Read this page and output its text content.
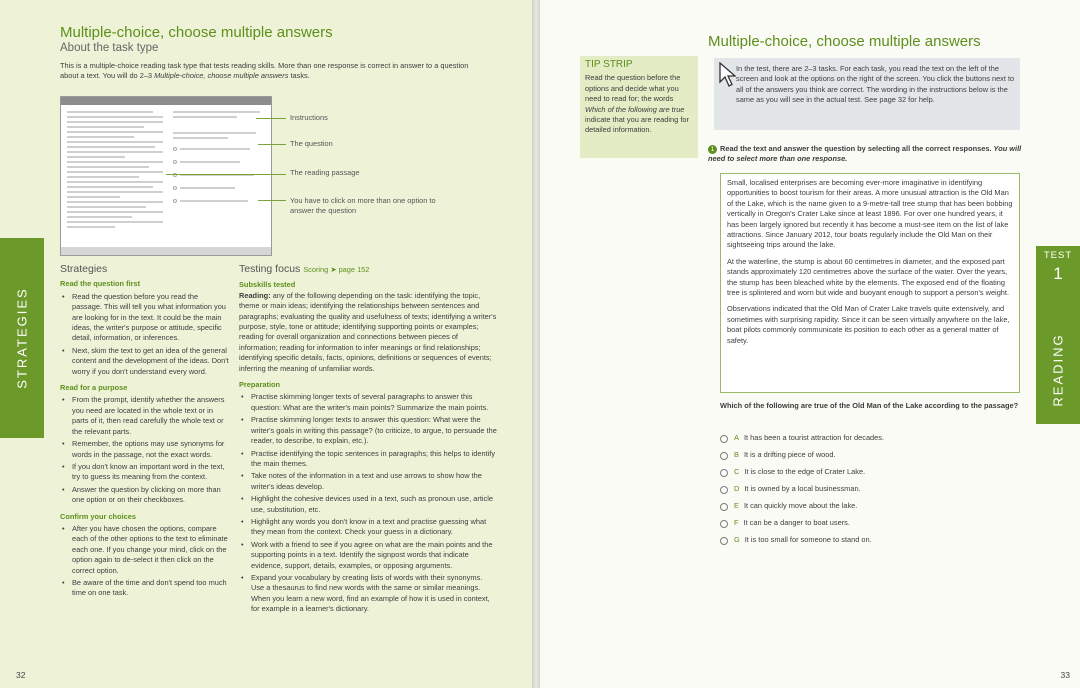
Multiple-choice, choose multiple answers
About the task type
This is a multiple-choice reading task type that tests reading skills. More than one response is correct in answer to a question about a text. You will do 2–3 Multiple-choice, choose multiple answers tasks.
Instructions
The question
The reading passage
You have to click on more than one option to answer the question
STRATEGIES
Strategies
Read the question first
• Read the question before you read the passage. This will tell you what information you are looking for in the text. It could be the main ideas, the writer's purpose or attitude, specific detail, information, or inferences.
• Next, skim the text to get an idea of the general content and the development of the ideas. Don't worry if you don't understand every word.
Read for a purpose
• From the prompt, identify whether the answers you need are located in the whole text or in parts of it, then read carefully the whole text or the relevant parts.
• Remember, the options may use synonyms for words in the passage, not the exact words.
• If you don't know an important word in the text, try to guess its meaning from the context.
• Answer the question by clicking on more than one option or on their checkboxes.
Confirm your choices
• After you have chosen the options, compare each of the other options to the text to eliminate each one. If you change your mind, click on the option again to de-select it then click on the correct option.
• Be aware of the time and don't spend too much time on one task.
Testing focus Scoring ➤ page 152
Subskills tested
Reading: any of the following depending on the task: identifying the topic, theme or main ideas; identifying the relationships between sentences and paragraphs; evaluating the quality and usefulness of texts; identifying a writer's purpose, style, tone or attitude; identifying supporting points or examples; reading for overall organization and connections between pieces of information; reading for information to infer meanings or find relationships; identifying specific details, facts, opinions, definitions or sequences of events; inferring the meaning of unfamiliar words.
Preparation
• Practise skimming longer texts of several paragraphs to answer this question: What are the writer's main points? Summarize the main points.
• Practise skimming longer texts to answer this question: What were the writer's goals in writing this passage? (to criticize, to argue, to persuade the reader, to describe, to explain, etc.).
• Practise identifying the topic sentences in paragraphs; this helps to identify the main themes.
• Take notes of the information in a text and use arrows to show how the writer's ideas develop.
• Highlight the cohesive devices used in a text, such as pronoun use, article use, substitution, etc.
• Highlight any words you don't know in a text and practise guessing what they mean from the context. Check your guess in a dictionary.
• Work with a friend to see if you agree on what are the main points and the supporting points in a text. Identify the signpost words that indicate evidence, support, details, examples, or opposing arguments.
• Expand your vocabulary by creating lists of words with their synonyms. Use a thesaurus to find new words with the same or similar meanings. When you learn a new word, find an example of how it is used in context, for example in a learner's dictionary.
32
TIP STRIP
Read the question before the options and decide what you need to read for; the words Which of the following are true indicate that you are reading for detailed information.
Multiple-choice, choose multiple answers
In the test, there are 2–3 tasks. For each task, you read the text on the left of the screen and look at the options on the right of the screen. You click the buttons next to all of the answers you think are correct. The wording in the instructions below is the same as you will see in the actual test. See page 32 for help.
1 Read the text and answer the question by selecting all the correct responses. You will need to select more than one response.

Small, localised enterprises are becoming ever-more imaginative in identifying opportunities to boost tourism for their areas. A more unusual attraction is the Old Man of the Lake, which is the name given to a 9-metre-tall tree stump that has been bobbing vertically in Oregon's Crater Lake since at least 1896. For over one hundred years, it has been largely ignored but recently it has become a must-see item on the list of lake attractions. Since January 2012, tour boats regularly include the Old Man on their sightseeing trips around the lake.

At the waterline, the stump is about 60 centimetres in diameter, and the exposed part stands approximately 120 centimetres above the surface of the water. Over the years, the stump has been bleached white by the elements. The exposed end of the floating tree is splintered and worn but wide and buoyant enough to support a person's weight.

Observations indicated that the Old Man of Crater Lake travels quite extensively, and sometimes with surprising rapidity. Since it can be seen virtually anywhere on the lake, boat pilots commonly communicate its position to each other as a general matter of safety.

Which of the following are true of the Old Man of the Lake according to the passage?
A It has been a tourist attraction for decades.
B It is a drifting piece of wood.
C It is close to the edge of Crater Lake.
D It is owned by a local businessman.
E It can quickly move about the lake.
F It can be a danger to boat users.
G It is too small for someone to stand on.
TEST
1
READING
33
